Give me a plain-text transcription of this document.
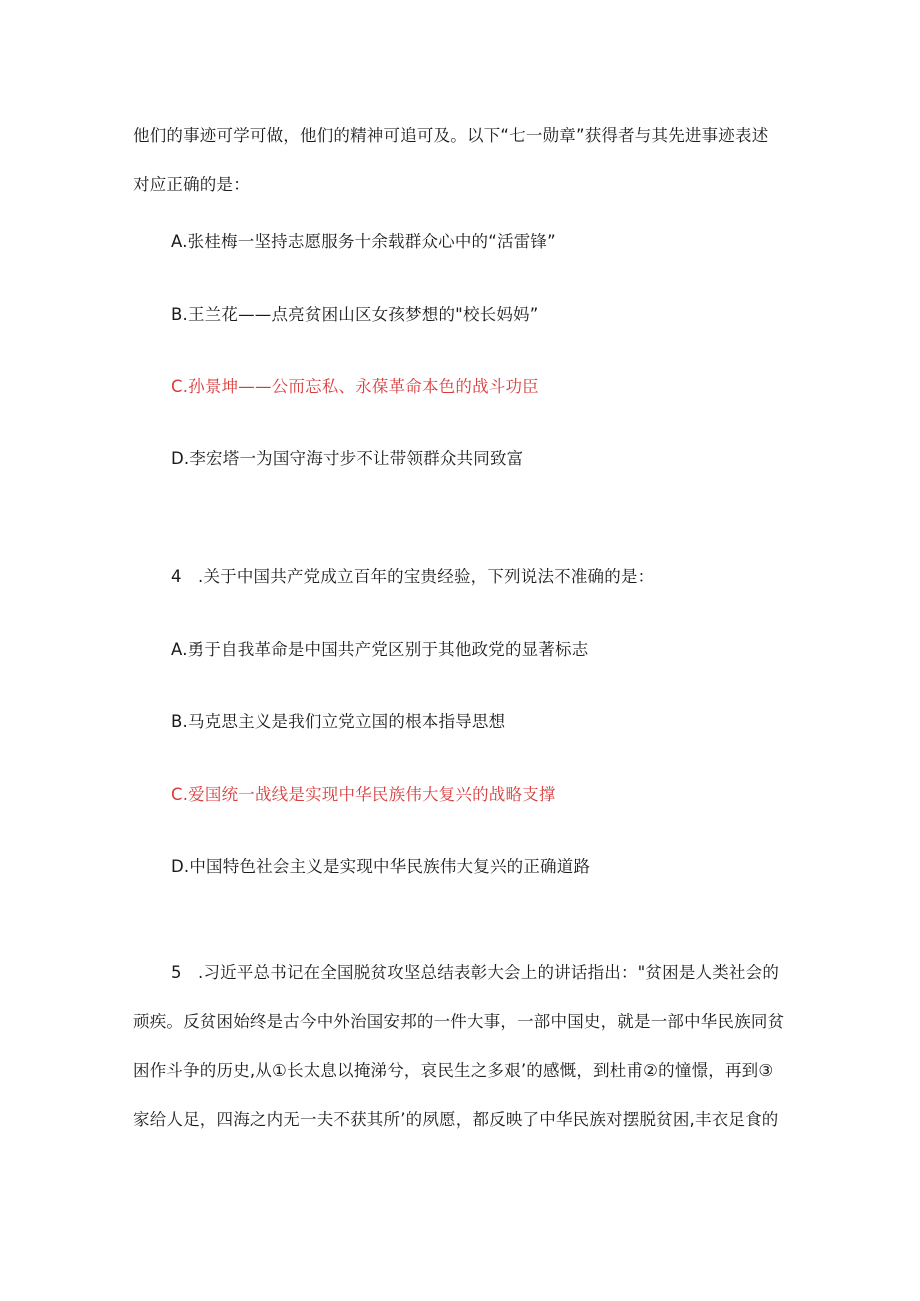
他们的事迹可学可做，他们的精神可追可及。以下“七一勋章”获得者与其先进事迹表述
对应正确的是：
A.张桂梅一坚持志愿服务十余载群众心中的“活雷锋”
B.王兰花——点亮贫困山区女孩梦想的"校长妈妈”
C.孙景坤——公而忘私、永葆革命本色的战斗功臣
D.李宏塔一为国守海寸步不让带领群众共同致富
4 .关于中国共产党成立百年的宝贵经验，下列说法不准确的是：
A.勇于自我革命是中国共产党区别于其他政党的显著标志
B.马克思主义是我们立党立国的根本指导思想
C.爱国统一战线是实现中华民族伟大复兴的战略支撑
D.中国特色社会主义是实现中华民族伟大复兴的正确道路
5 .习近平总书记在全国脱贫攻坚总结表彰大会上的讲话指出："贫困是人类社会的
顽疾。反贫困始终是古今中外治国安邦的一件大事，一部中国史，就是一部中华民族同贫
困作斗争的历史,从①长太息以掩涕兮，哀民生之多艰’的感慨，到杜甫②的憧憬，再到③
家给人足，四海之内无一夫不获其所’的夙愿，都反映了中华民族对摆脱贫困,丰衣足食的
